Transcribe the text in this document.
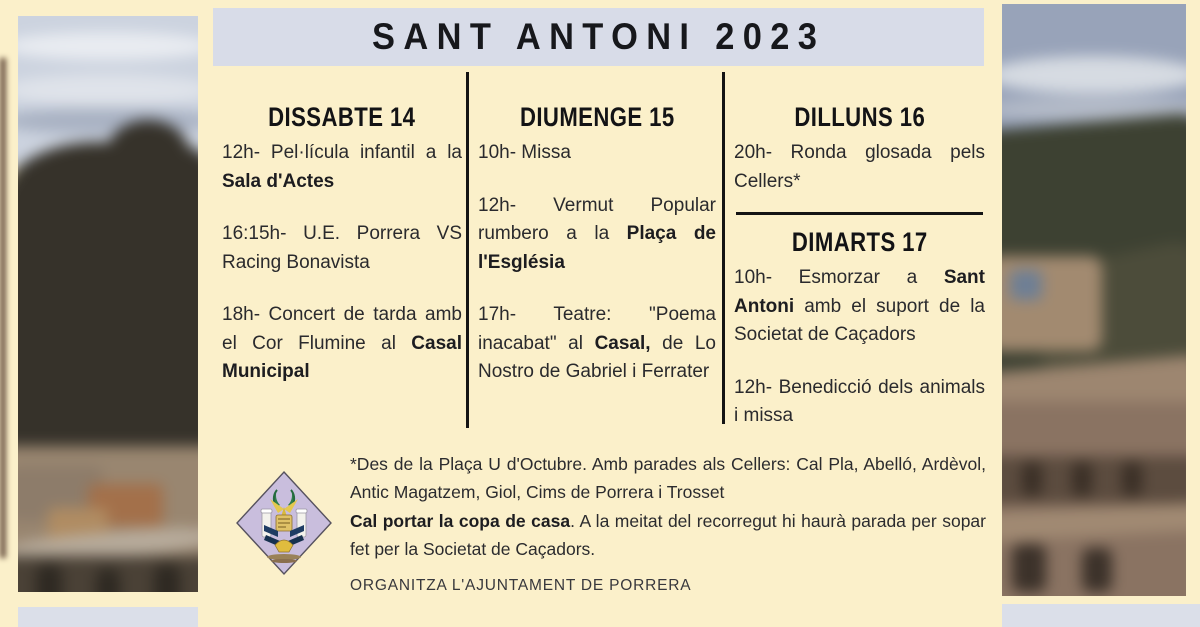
SANT ANTONI 2023
DISSABTE 14

12h- Pel·lícula infantil a la Sala d'Actes

16:15h- U.E. Porrera VS Racing Bonavista

18h- Concert de tarda amb el Cor Flumine al Casal Municipal

DIUMENGE 15

10h- Missa

12h- Vermut Popular rumbero a la Plaça de l'Església

17h- Teatre: "Poema inacabat" al Casal, de Lo Nostro de Gabriel i Ferrater

DILLUNS 16

20h- Ronda glosada pels Cellers*

DIMARTS 17

10h- Esmorzar a Sant Antoni amb el suport de la Societat de Caçadors

12h- Benedicció dels animals i missa

*Des de la Plaça U d'Octubre. Amb parades als Cellers: Cal Pla, Abelló, Ardèvol, Antic Magatzem, Giol, Cims de Porrera i Trosset

Cal portar la copa de casa. A la meitat del recorregut hi haurà parada per sopar fet per la Societat de Caçadors.

ORGANITZA L'AJUNTAMENT DE PORRERA
